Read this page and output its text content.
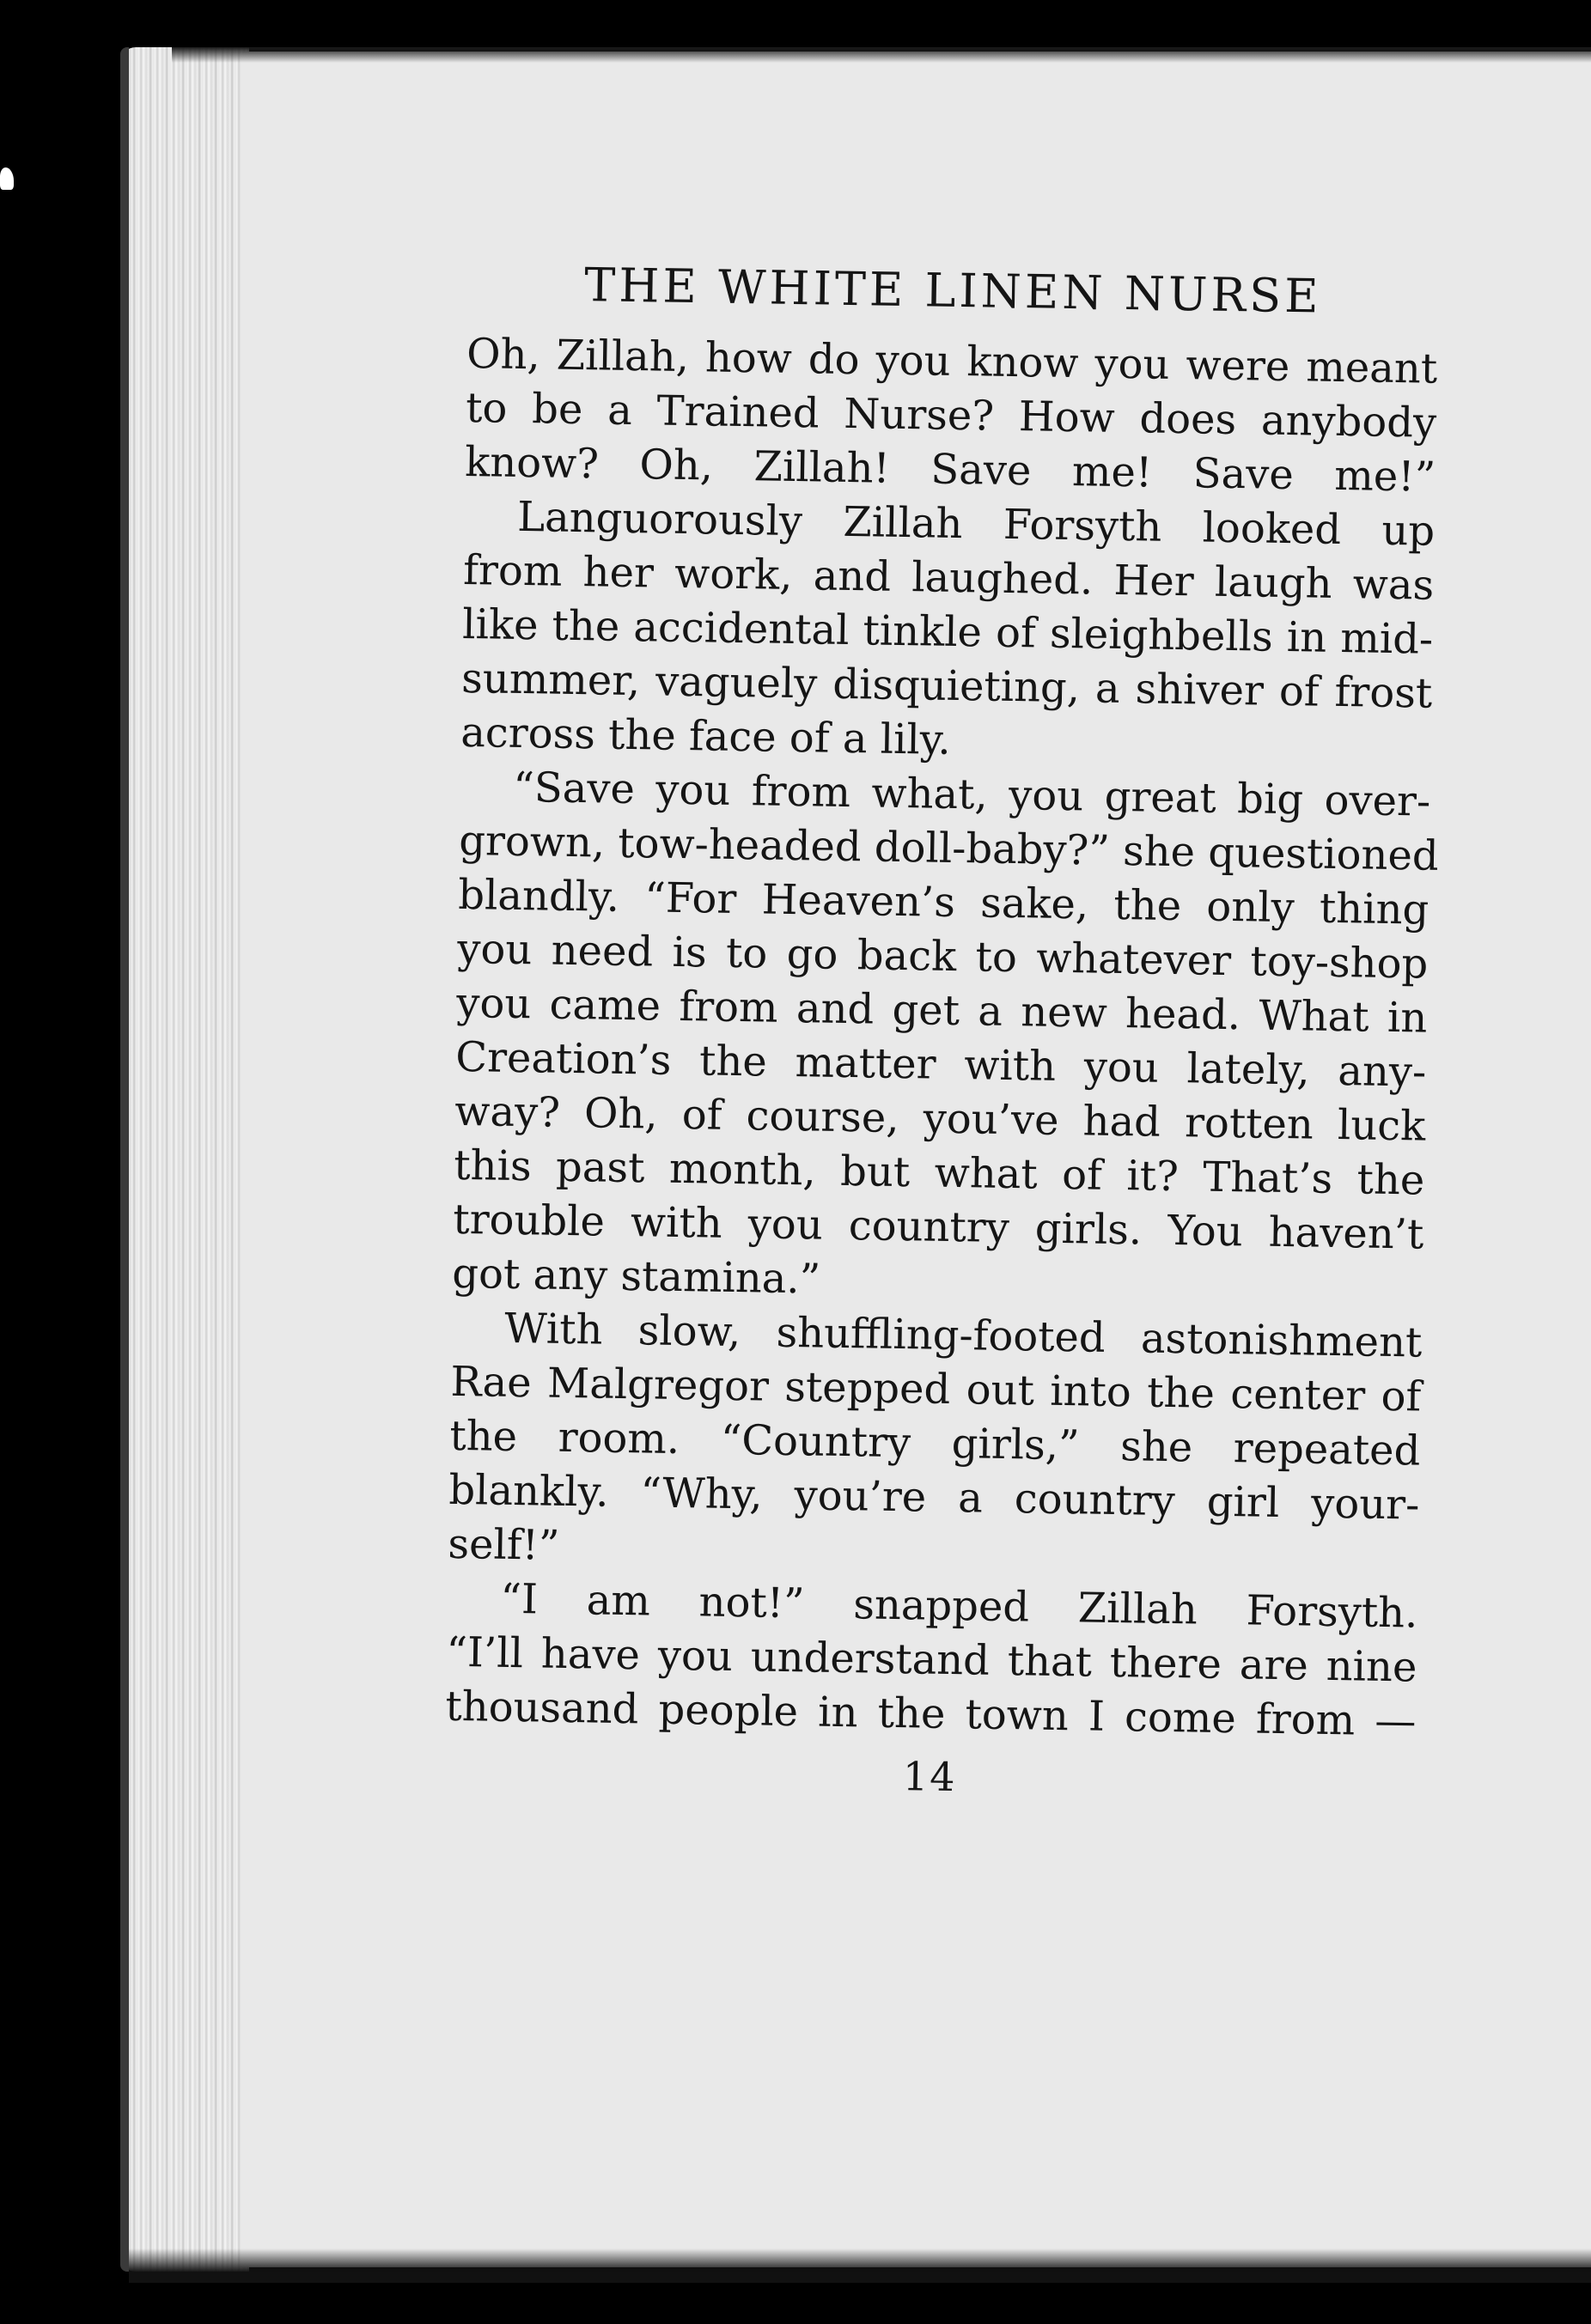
THE WHITE LINEN NURSE
Oh, Zillah, how do you know you were meant
to be a Trained Nurse? How does anybody
know? Oh, Zillah! Save me! Save me!”
Languorously Zillah Forsyth looked up
from her work, and laughed. Her laugh was
like the accidental tinkle of sleighbells in mid-
summer, vaguely disquieting, a shiver of frost
across the face of a lily.
“Save you from what, you great big over-
grown, tow-headed doll-baby?” she questioned
blandly. “For Heaven’s sake, the only thing
you need is to go back to whatever toy-shop
you came from and get a new head. What in
Creation’s the matter with you lately, any-
way? Oh, of course, you’ve had rotten luck
this past month, but what of it? That’s the
trouble with you country girls. You haven’t
got any stamina.”
With slow, shuffling-footed astonishment
Rae Malgregor stepped out into the center of
the room. “Country girls,” she repeated
blankly. “Why, you’re a country girl your-
self!”
“I am not!” snapped Zillah Forsyth.
“I’ll have you understand that there are nine
thousand people in the town I come from —
14
